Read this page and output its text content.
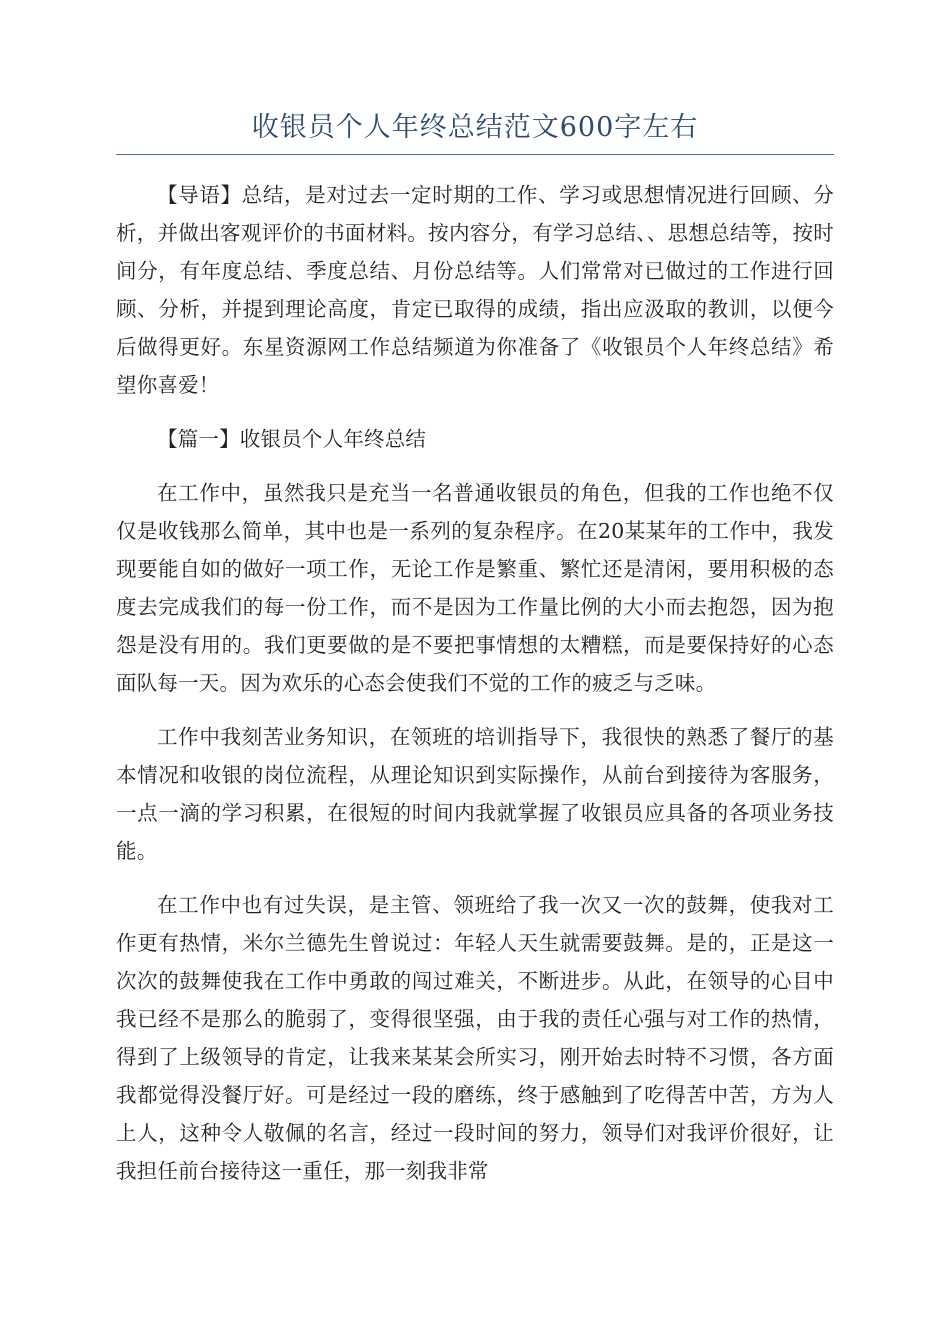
收银员个人年终总结范文600字左右

【导语】总结，是对过去一定时期的工作、学习或思想情况进行回顾、分析，并做出客观评价的书面材料。按内容分，有学习总结、、思想总结等，按时间分，有年度总结、季度总结、月份总结等。人们常常对已做过的工作进行回顾、分析，并提到理论高度，肯定已取得的成绩，指出应汲取的教训，以便今后做得更好。东星资源网工作总结频道为你准备了《收银员个人年终总结》希望你喜爱！

【篇一】收银员个人年终总结

在工作中，虽然我只是充当一名普通收银员的角色，但我的工作也绝不仅仅是收钱那么简单，其中也是一系列的复杂程序。在20某某年的工作中，我发现要能自如的做好一项工作，无论工作是繁重、繁忙还是清闲，要用积极的态度去完成我们的每一份工作，而不是因为工作量比例的大小而去抱怨，因为抱怨是没有用的。我们更要做的是不要把事情想的太糟糕，而是要保持好的心态面队每一天。因为欢乐的心态会使我们不觉的工作的疲乏与乏味。

工作中我刻苦业务知识，在领班的培训指导下，我很快的熟悉了餐厅的基本情况和收银的岗位流程，从理论知识到实际操作，从前台到接待为客服务，一点一滴的学习积累，在很短的时间内我就掌握了收银员应具备的各项业务技能。

在工作中也有过失误，是主管、领班给了我一次又一次的鼓舞，使我对工作更有热情，米尔兰德先生曾说过：年轻人天生就需要鼓舞。是的，正是这一次次的鼓舞使我在工作中勇敢的闯过难关，不断进步。从此，在领导的心目中我已经不是那么的脆弱了，变得很坚强，由于我的责任心强与对工作的热情，得到了上级领导的肯定，让我来某某会所实习，刚开始去时特不习惯，各方面我都觉得没餐厅好。可是经过一段的磨练，终于感触到了吃得苦中苦，方为人上人，这种令人敬佩的名言，经过一段时间的努力，领导们对我评价很好，让我担任前台接待这一重任，那一刻我非常
